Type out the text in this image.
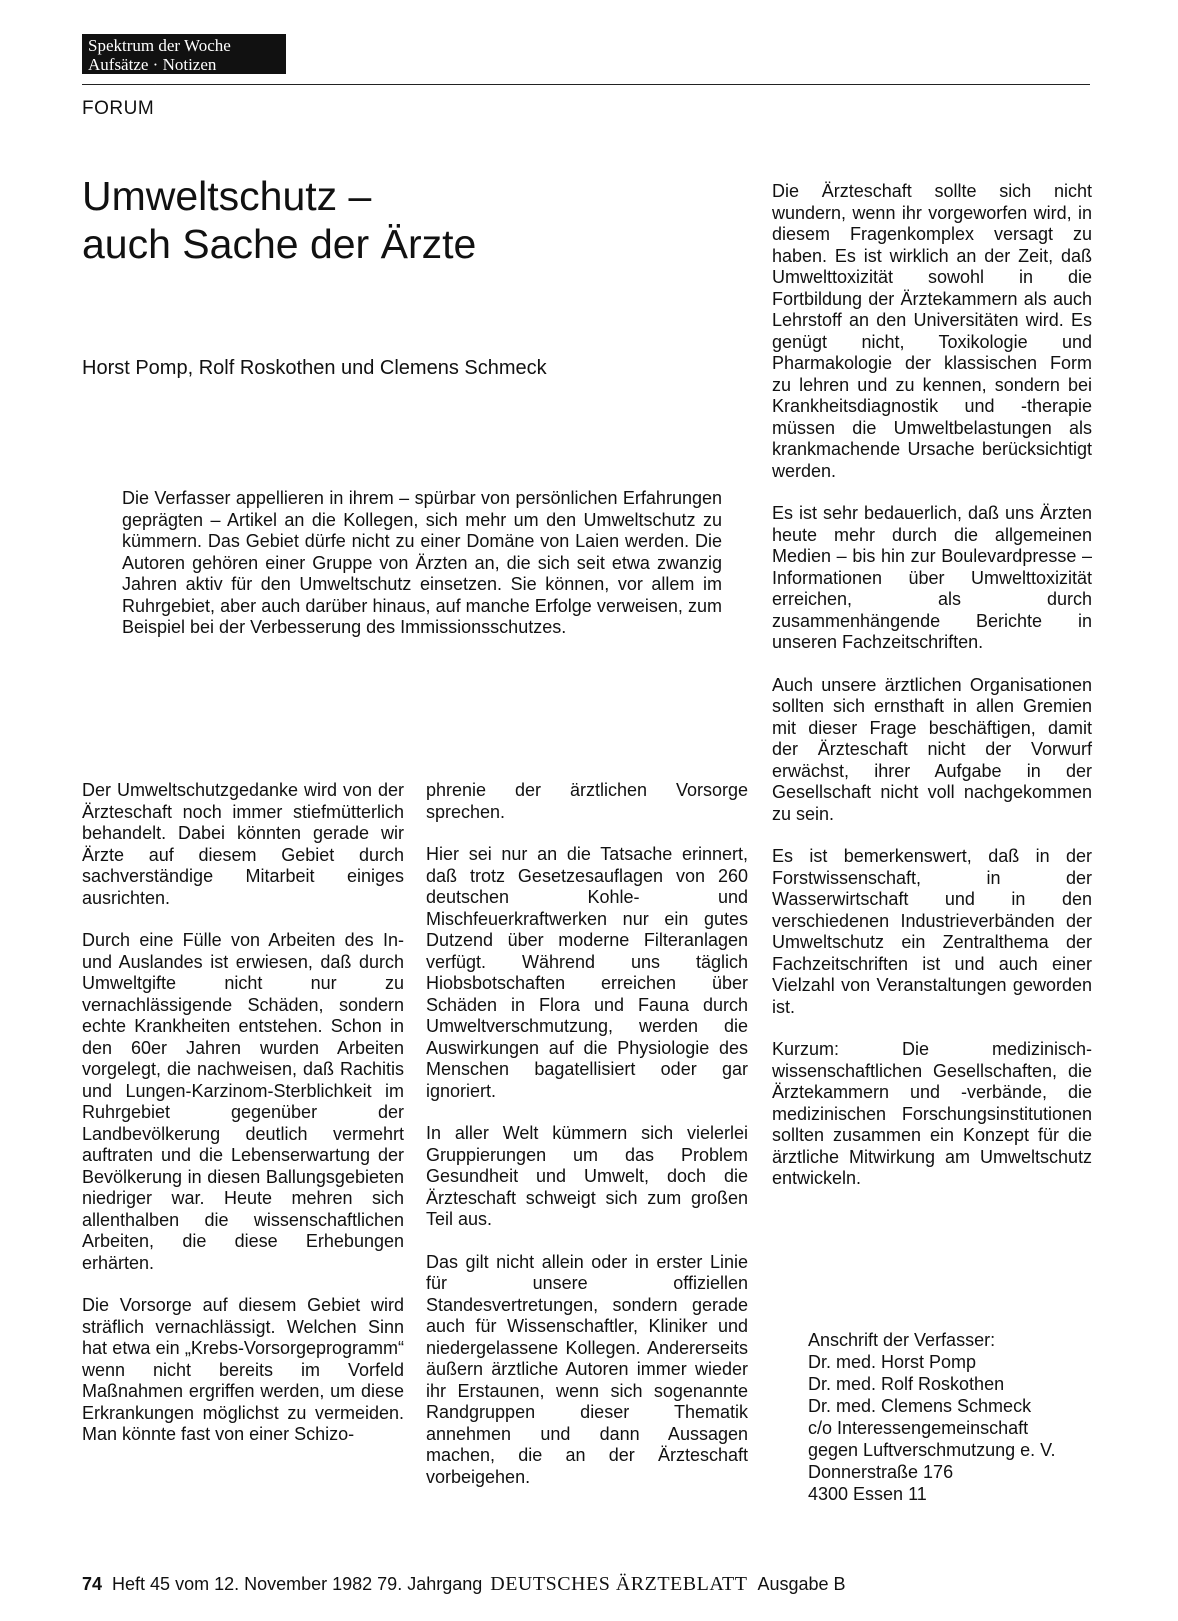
Spektrum der Woche
Aufsätze · Notizen
FORUM
Umweltschutz –
auch Sache der Ärzte
Horst Pomp, Rolf Roskothen und Clemens Schmeck

Die Verfasser appellieren in ihrem – spürbar von persönlichen Erfahrungen geprägten – Artikel an die Kollegen, sich mehr um den Umweltschutz zu kümmern. Das Gebiet dürfe nicht zu einer Domäne von Laien werden. Die Autoren gehören einer Gruppe von Ärzten an, die sich seit etwa zwanzig Jahren aktiv für den Umweltschutz einsetzen. Sie können, vor allem im Ruhrgebiet, aber auch darüber hinaus, auf manche Erfolge verweisen, zum Beispiel bei der Verbesserung des Immissionsschutzes.

Der Umweltschutzgedanke wird von der Ärzteschaft noch immer stiefmütterlich behandelt. Dabei könnten gerade wir Ärzte auf diesem Gebiet durch sachverständige Mitarbeit einiges ausrichten.

Durch eine Fülle von Arbeiten des In- und Auslandes ist erwiesen, daß durch Umweltgifte nicht nur zu vernachlässigende Schäden, sondern echte Krankheiten entstehen. Schon in den 60er Jahren wurden Arbeiten vorgelegt, die nachweisen, daß Rachitis und Lungen-Karzinom-Sterblichkeit im Ruhrgebiet gegenüber der Landbevölkerung deutlich vermehrt auftraten und die Lebenserwartung der Bevölkerung in diesen Ballungsgebieten niedriger war. Heute mehren sich allenthalben die wissenschaftlichen Arbeiten, die diese Erhebungen erhärten.

Die Vorsorge auf diesem Gebiet wird sträflich vernachlässigt. Welchen Sinn hat etwa ein „Krebs-Vorsorgeprogramm“ wenn nicht bereits im Vorfeld Maßnahmen ergriffen werden, um diese Erkrankungen möglichst zu vermeiden. Man könnte fast von einer Schizo-

phrenie der ärztlichen Vorsorge sprechen.

Hier sei nur an die Tatsache erinnert, daß trotz Gesetzesauflagen von 260 deutschen Kohle- und Mischfeuerkraftwerken nur ein gutes Dutzend über moderne Filteranlagen verfügt. Während uns täglich Hiobsbotschaften erreichen über Schäden in Flora und Fauna durch Umweltverschmutzung, werden die Auswirkungen auf die Physiologie des Menschen bagatellisiert oder gar ignoriert.

In aller Welt kümmern sich vielerlei Gruppierungen um das Problem Gesundheit und Umwelt, doch die Ärzteschaft schweigt sich zum großen Teil aus.

Das gilt nicht allein oder in erster Linie für unsere offiziellen Standesvertretungen, sondern gerade auch für Wissenschaftler, Kliniker und niedergelassene Kollegen. Andererseits äußern ärztliche Autoren immer wieder ihr Erstaunen, wenn sich sogenannte Randgruppen dieser Thematik annehmen und dann Aussagen machen, die an der Ärzteschaft vorbeigehen.

Die Ärzteschaft sollte sich nicht wundern, wenn ihr vorgeworfen wird, in diesem Fragenkomplex versagt zu haben. Es ist wirklich an der Zeit, daß Umwelttoxizität sowohl in die Fortbildung der Ärztekammern als auch Lehrstoff an den Universitäten wird. Es genügt nicht, Toxikologie und Pharmakologie der klassischen Form zu lehren und zu kennen, sondern bei Krankheitsdiagnostik und -therapie müssen die Umweltbelastungen als krankmachende Ursache berücksichtigt werden.

Es ist sehr bedauerlich, daß uns Ärzten heute mehr durch die allgemeinen Medien – bis hin zur Boulevardpresse – Informationen über Umwelttoxizität erreichen, als durch zusammenhängende Berichte in unseren Fachzeitschriften.

Auch unsere ärztlichen Organisationen sollten sich ernsthaft in allen Gremien mit dieser Frage beschäftigen, damit der Ärzteschaft nicht der Vorwurf erwächst, ihrer Aufgabe in der Gesellschaft nicht voll nachgekommen zu sein.

Es ist bemerkenswert, daß in der Forstwissenschaft, in der Wasserwirtschaft und in den verschiedenen Industrieverbänden der Umweltschutz ein Zentralthema der Fachzeitschriften ist und auch einer Vielzahl von Veranstaltungen geworden ist.

Kurzum: Die medizinisch-wissenschaftlichen Gesellschaften, die Ärztekammern und -verbände, die medizinischen Forschungsinstitutionen sollten zusammen ein Konzept für die ärztliche Mitwirkung am Umweltschutz entwickeln.

Anschrift der Verfasser:
Dr. med. Horst Pomp
Dr. med. Rolf Roskothen
Dr. med. Clemens Schmeck
c/o Interessengemeinschaft
gegen Luftverschmutzung e. V.
Donnerstraße 176
4300 Essen 11
74 Heft 45 vom 12. November 1982 79. Jahrgang DEUTSCHES ÄRZTEBLATT Ausgabe B
